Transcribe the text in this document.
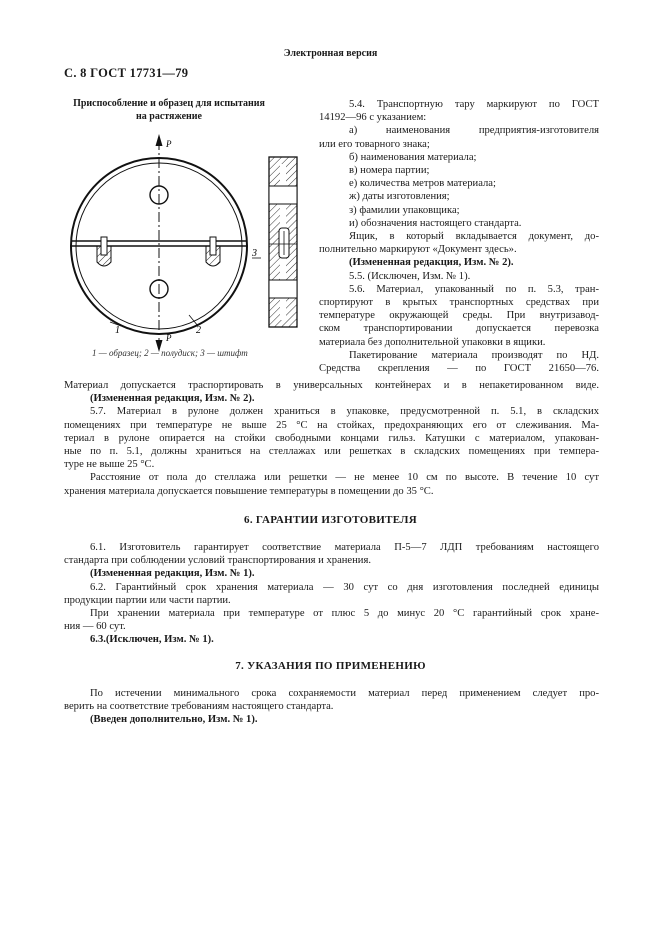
Электронная версия
С. 8 ГОСТ 17731—79
Приспособление и образец для испытания
на растяжение
P
P
1	2
3
1 — образец; 2 — полудиск; 3 — штифт
5.4. Транспортную тару маркируют по ГОСТ
14192—96 с указанием:
а) наименования предприятия-изготовителя
или его товарного знака;
б) наименования материала;
в) номера партии;
е) количества метров материала;
ж) даты изготовления;
з) фамилии упаковщика;
и) обозначения настоящего стандарта.
Ящик, в который вкладывается документ, до-
полнительно маркируют «Документ здесь».
(Измененная редакция, Изм. № 2).
5.5. (Исключен, Изм. № 1).
5.6. Материал, упакованный по п. 5.3, тран-
спортируют в крытых транспортных средствах при
температуре окружающей среды. При внутризавод-
ском транспортировании допускается перевозка
материала без дополнительной упаковки в ящики.
Пакетирование материала производят по НД.
Средства скрепления — по ГОСТ 21650—76.
Материал допускается траспортировать в универсальных контейнерах и в непакетированном виде.
(Измененная редакция, Изм. № 2).
5.7. Материал в рулоне должен храниться в упаковке, предусмотренной п. 5.1, в складских
помещениях при температуре не выше 25 °С на стойках, предохраняющих его от слеживания. Ма-
териал в рулоне опирается на стойки свободными концами гильз. Катушки с материалом, упакован-
ные по п. 5.1, должны храниться на стеллажах или решетках в складских помещениях при темпера-
туре не выше 25 °С.
Расстояние от пола до стеллажа или решетки — не менее 10 см по высоте. В течение 10 сут
хранения материала допускается повышение температуры в помещении до 35 °С.
6. ГАРАНТИИ ИЗГОТОВИТЕЛЯ
6.1. Изготовитель гарантирует соответствие материала П-5—7 ЛДП требованиям настоящего
стандарта при соблюдении условий транспортирования и хранения.
(Измененная редакция, Изм. № 1).
6.2. Гарантийный срок хранения материала — 30 сут со дня изготовления последней единицы
продукции партии или части партии.
При хранении материала при температуре от плюс 5 до минус 20 °С гарантийный срок хране-
ния — 60 сут.
6.3.(Исключен, Изм. № 1).
7. УКАЗАНИЯ ПО ПРИМЕНЕНИЮ
По истечении минимального срока сохраняемости материал перед применением следует про-
верить на соответствие требованиям настоящего стандарта.
(Введен дополнительно, Изм. № 1).
